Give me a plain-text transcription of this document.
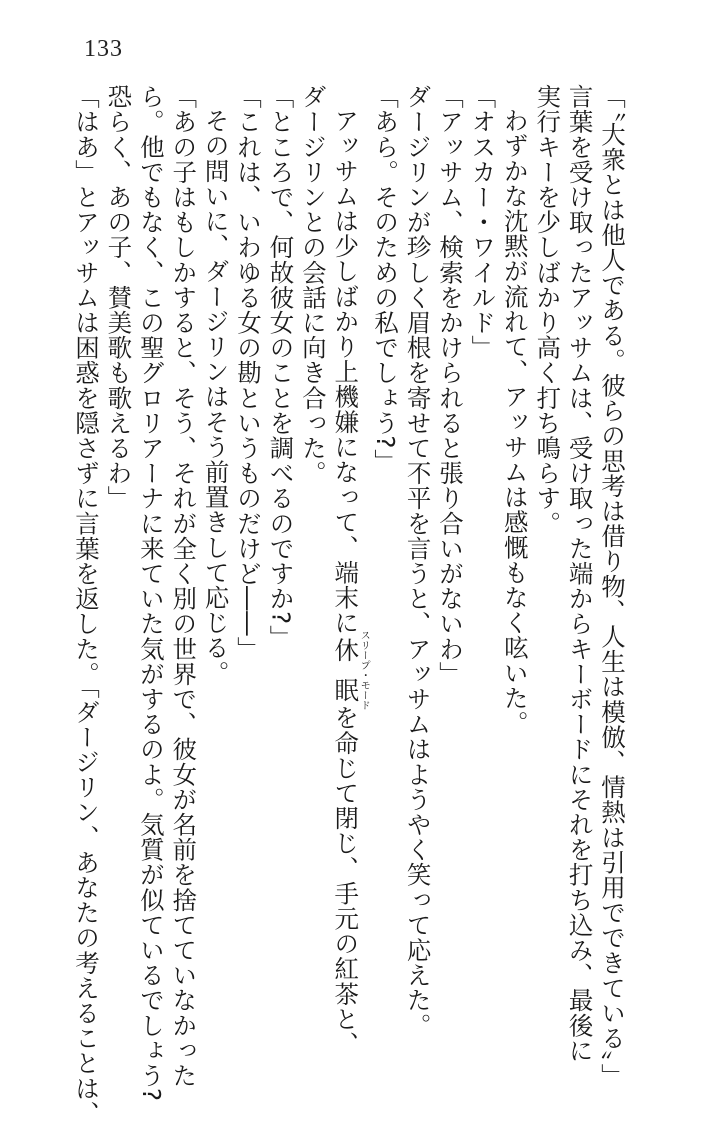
133
「〝大衆とは他人である。彼らの思考は借り物、人生は模倣、情熱は引用でできている〟」
言葉を受け取ったアッサムは、受け取った端からキーボードにそれを打ち込み、最後に
実行キーを少しばかり高く打ち鳴らす。
わずかな沈黙が流れて、アッサムは感慨もなく呟いた。
「オスカー・ワイルド」
「アッサム、検索をかけられると張り合いがないわ」
ダージリンが珍しく眉根を寄せて不平を言うと、アッサムはようやく笑って応えた。
「あら。そのための私でしょう?」
アッサムは少しばかり上機嫌になって、端末に休眠スリープ・モードを命じて閉じ、手元の紅茶と、
ダージリンとの会話に向き合った。
「ところで、何故彼女のことを調べるのですか?」
「これは、いわゆる女の勘というものだけど――」
その問いに、ダージリンはそう前置きして応じる。
「あの子はもしかすると、そう、それが全く別の世界で、彼女が名前を捨てていなかった
ら。他でもなく、この聖グロリアーナに来ていた気がするのよ。気質が似ているでしょう?
恐らく、あの子、賛美歌も歌えるわ」
「はあ」とアッサムは困惑を隠さずに言葉を返した。「ダージリン、あなたの考えることは、
